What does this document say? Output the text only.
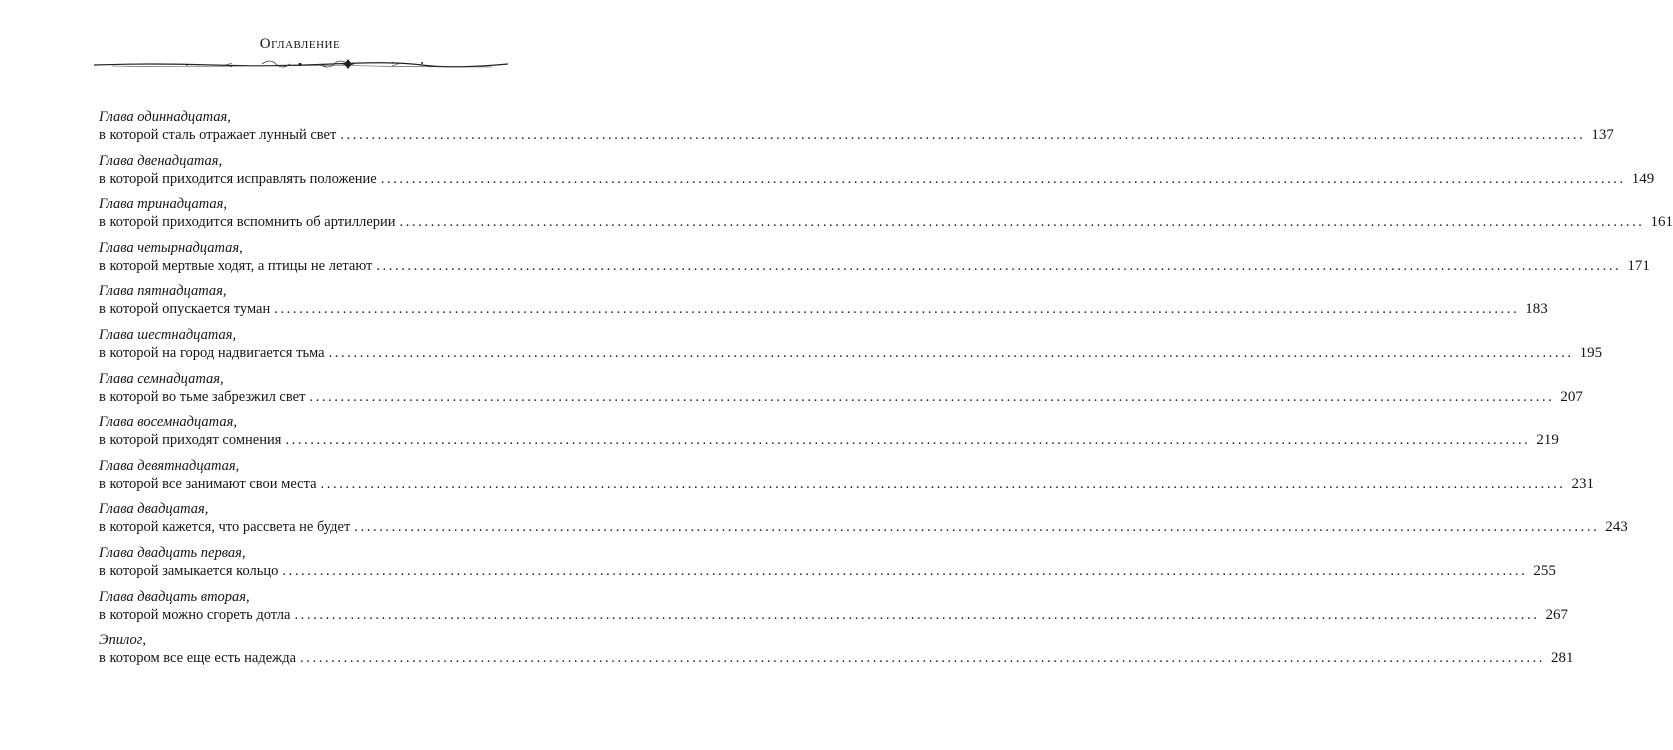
Оглавление
Глава одиннадцатая,
в которой сталь отражает лунный свет ........................................................................................................................................................................................................ 137
Глава двенадцатая,
в которой приходится исправлять положение ........................................................................................................................................................................................................ 149
Глава тринадцатая,
в которой приходится вспомнить об артиллерии ........................................................................................................................................................................................................ 161
Глава четырнадцатая,
в которой мертвые ходят, а птицы не летают ........................................................................................................................................................................................................ 171
Глава пятнадцатая,
в которой опускается туман ........................................................................................................................................................................................................ 183
Глава шестнадцатая,
в которой на город надвигается тьма ........................................................................................................................................................................................................ 195
Глава семнадцатая,
в которой во тьме забрезжил свет ........................................................................................................................................................................................................ 207
Глава восемнадцатая,
в которой приходят сомнения ........................................................................................................................................................................................................ 219
Глава девятнадцатая,
в которой все занимают свои места ........................................................................................................................................................................................................ 231
Глава двадцатая,
в которой кажется, что рассвета не будет ........................................................................................................................................................................................................ 243
Глава двадцать первая,
в которой замыкается кольцо ........................................................................................................................................................................................................ 255
Глава двадцать вторая,
в которой можно сгореть дотла ........................................................................................................................................................................................................ 267
Эпилог,
в котором все еще есть надежда ........................................................................................................................................................................................................ 281
